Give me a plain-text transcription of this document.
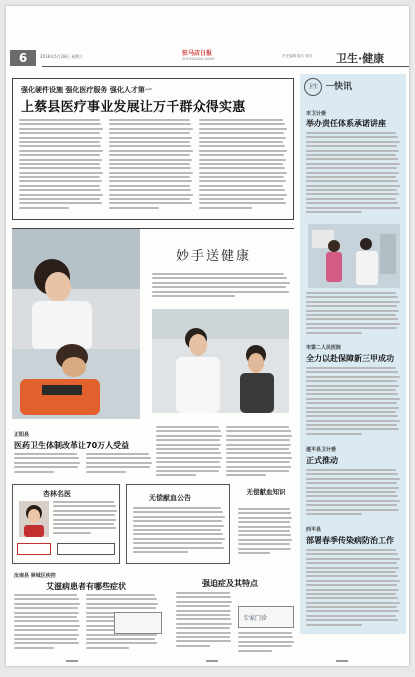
6	2016年5月28日 星期六	驻马店日报
ZHUMADIAN DAILY
责任编辑 版式 校对 卫生·健康
强化硬件设施 强化医疗服务 强化人才第一
上蔡县医疗事业发展让万千群众得实惠
卫生	快讯
市卫计委
举办责任体系承诺讲座
市第二人民医院
全力以赴保障新三甲成功
遂平县卫计委
正式推动
西平县
部署春季传染病防治工作
妙手送健康
正阳县
医药卫生体制改革让70万人受益
杏林名医	无偿献血公告
无偿献血知识
汝南县 驿城区疾控
艾滋病患者有哪些症状	强迫症及其特点
专家门诊
